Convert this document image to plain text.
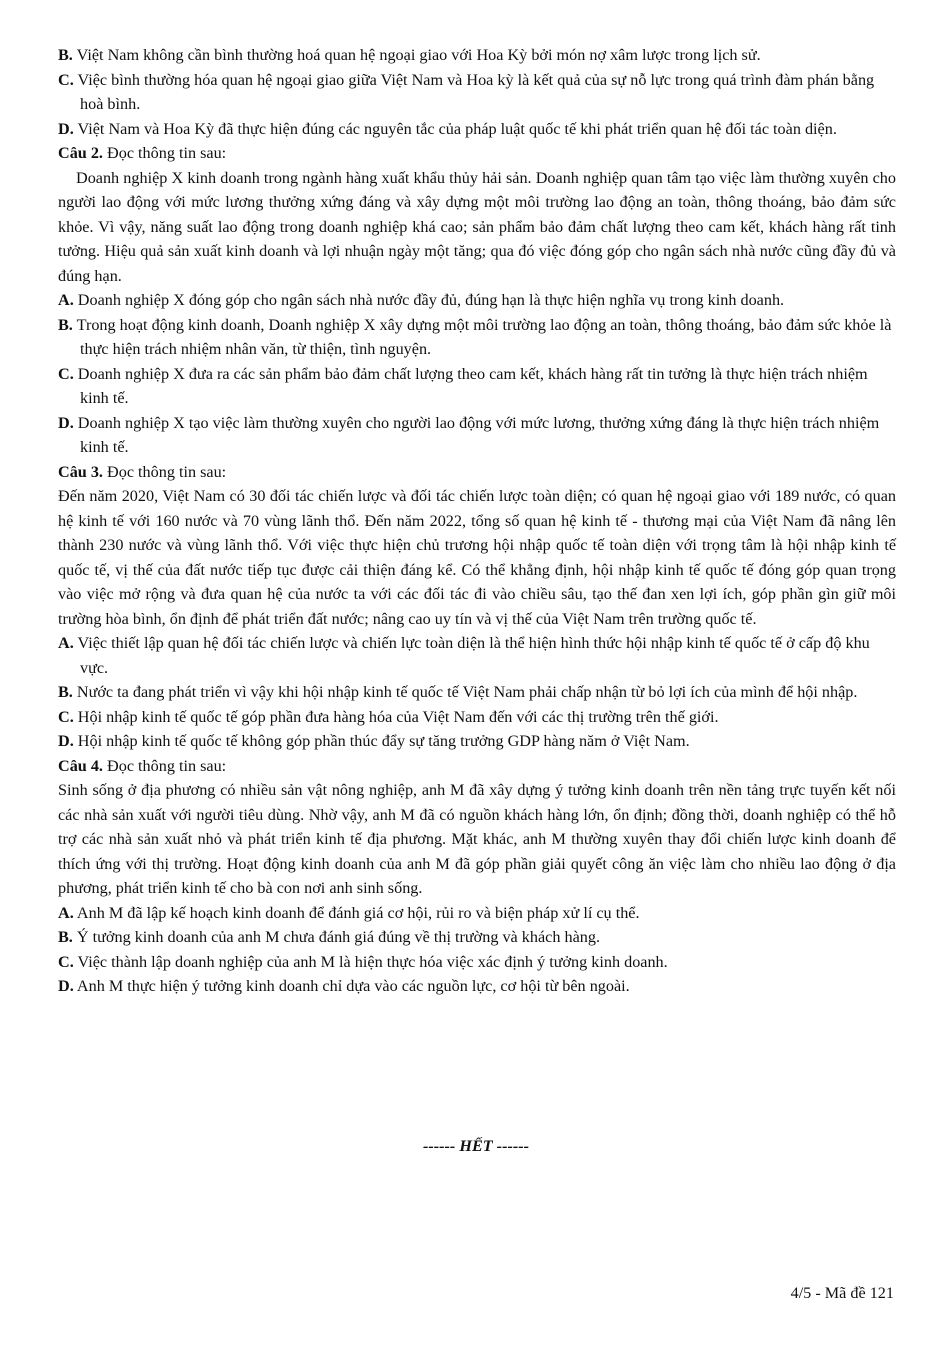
B. Việt Nam không cần bình thường hoá quan hệ ngoại giao với Hoa Kỳ bởi món nợ xâm lược trong lịch sử.

C. Việc bình thường hóa quan hệ ngoại giao giữa Việt Nam và Hoa kỳ là kết quả của sự nỗ lực trong quá trình đàm phán bằng hoà bình.

D. Việt Nam và Hoa Kỳ đã thực hiện đúng các nguyên tắc của pháp luật quốc tế khi phát triển quan hệ đối tác toàn diện.

Câu 2. Đọc thông tin sau:

Doanh nghiệp X kinh doanh trong ngành hàng xuất khẩu thủy hải sản. Doanh nghiệp quan tâm tạo việc làm thường xuyên cho người lao động với mức lương thưởng xứng đáng và xây dựng một môi trường lao động an toàn, thông thoáng, bảo đảm sức khỏe. Vì vậy, năng suất lao động trong doanh nghiệp khá cao; sản phẩm bảo đảm chất lượng theo cam kết, khách hàng rất tinh tưởng. Hiệu quả sản xuất kinh doanh và lợi nhuận ngày một tăng; qua đó việc đóng góp cho ngân sách nhà nước cũng đầy đủ và đúng hạn.

A. Doanh nghiệp X đóng góp cho ngân sách nhà nước đầy đủ, đúng hạn là thực hiện nghĩa vụ trong kinh doanh.

B. Trong hoạt động kinh doanh, Doanh nghiệp X xây dựng một môi trường lao động an toàn, thông thoáng, bảo đảm sức khỏe là thực hiện trách nhiệm nhân văn, từ thiện, tình nguyện.

C. Doanh nghiệp X đưa ra các sản phẩm bảo đảm chất lượng theo cam kết, khách hàng rất tin tưởng là thực hiện trách nhiệm kinh tế.

D. Doanh nghiệp X tạo việc làm thường xuyên cho người lao động với mức lương, thưởng xứng đáng là thực hiện trách nhiệm kinh tế.

Câu 3. Đọc thông tin sau:

Đến năm 2020, Việt Nam có 30 đối tác chiến lược và đối tác chiến lược toàn diện; có quan hệ ngoại giao với 189 nước, có quan hệ kinh tế với 160 nước và 70 vùng lãnh thổ. Đến năm 2022, tổng số quan hệ kinh tế - thương mại của Việt Nam đã nâng lên thành 230 nước và vùng lãnh thổ. Với việc thực hiện chủ trương hội nhập quốc tế toàn diện với trọng tâm là hội nhập kinh tế quốc tế, vị thế của đất nước tiếp tục được cải thiện đáng kể. Có thể khẳng định, hội nhập kinh tế quốc tế đóng góp quan trọng vào việc mở rộng và đưa quan hệ của nước ta với các đối tác đi vào chiều sâu, tạo thế đan xen lợi ích, góp phần gìn giữ môi trường hòa bình, ổn định để phát triển đất nước; nâng cao uy tín và vị thế của Việt Nam trên trường quốc tế.

A. Việc thiết lập quan hệ đối tác chiến lược và chiến lực toàn diện là thể hiện hình thức hội nhập kinh tế quốc tế ở cấp độ khu vực.

B. Nước ta đang phát triển vì vậy khi hội nhập kinh tế quốc tế Việt Nam phải chấp nhận từ bỏ lợi ích của mình để hội nhập.

C. Hội nhập kinh tế quốc tế góp phần đưa hàng hóa của Việt Nam đến với các thị trường trên thế giới.

D. Hội nhập kinh tế quốc tế không góp phần thúc đẩy sự tăng trưởng GDP hàng năm ở Việt Nam.

Câu 4. Đọc thông tin sau:

Sinh sống ở địa phương có nhiều sản vật nông nghiệp, anh M đã xây dựng ý tưởng kinh doanh trên nền tảng trực tuyến kết nối các nhà sản xuất với người tiêu dùng. Nhờ vậy, anh M đã có nguồn khách hàng lớn, ổn định; đồng thời, doanh nghiệp có thể hỗ trợ các nhà sản xuất nhỏ và phát triển kinh tế địa phương. Mặt khác, anh M thường xuyên thay đổi chiến lược kinh doanh để thích ứng với thị trường. Hoạt động kinh doanh của anh M đã góp phần giải quyết công ăn việc làm cho nhiều lao động ở địa phương, phát triển kinh tế cho bà con nơi anh sinh sống.

A. Anh M đã lập kế hoạch kinh doanh để đánh giá cơ hội, rủi ro và biện pháp xử lí cụ thể.

B. Ý tưởng kinh doanh của anh M chưa đánh giá đúng về thị trường và khách hàng.

C. Việc thành lập doanh nghiệp của anh M là hiện thực hóa việc xác định ý tưởng kinh doanh.

D. Anh M thực hiện ý tưởng kinh doanh chỉ dựa vào các nguồn lực, cơ hội từ bên ngoài.

------ HẾT ------
4/5 - Mã đề 121
